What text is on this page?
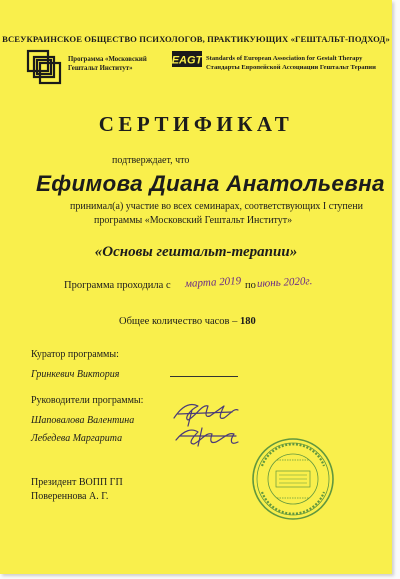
ВСЕУКРАИНСКОЕ ОБЩЕСТВО ПСИХОЛОГОВ, ПРАКТИКУЮЩИХ «ГЕШТАЛЬТ-ПОДХОД»
Программа «Московский
Гештальт Институт»
EAGT Standards of European Association for Gestalt Therapy
Стандарты Европейской Ассоциации Гештальт Терапии
СЕРТИФИКАТ
подтверждает, что
Ефимова Диана Анатольевна
принимал(а) участие во всех семинарах, соответствующих I ступени
программы «Московский Гештальт Институт»
«Основы гештальт-терапии»
Программа проходила с марта 2019 по июнь 2020г.
Общее количество часов – 180
Куратор программы:
Гринкевич Виктория
Руководители программы:
Шаповалова Валентина
Лебедева Маргарита
Президент ВОПП ГП
Повереннова А. Г.
